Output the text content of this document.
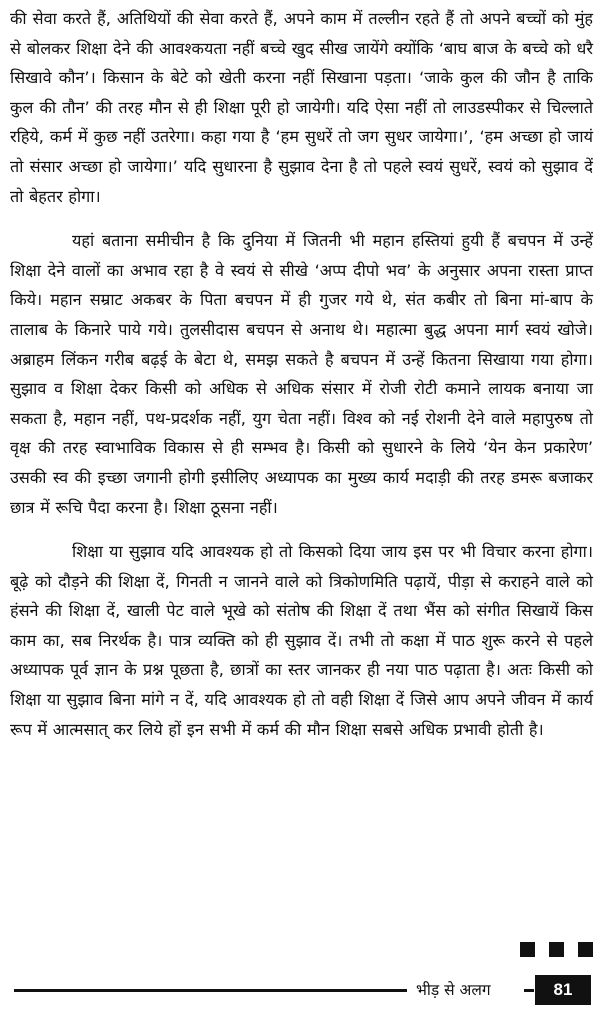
की सेवा करते हैं, अतिथियों की सेवा करते हैं, अपने काम में तल्लीन रहते हैं तो अपने बच्चों को मुंह से बोलकर शिक्षा देने की आवश्कयता नहीं बच्चे खुद सीख जायेंगे क्योंकि ‘बाघ बाज के बच्चे को धरै सिखावे कौन’। किसान के बेटे को खेती करना नहीं सिखाना पड़ता। ‘जाके कुल की जौन है ताकि कुल की तौन’ की तरह मौन से ही शिक्षा पूरी हो जायेगी। यदि ऐसा नहीं तो लाउडस्पीकर से चिल्लाते रहिये, कर्म में कुछ नहीं उतरेगा। कहा गया है ‘हम सुधरें तो जग सुधर जायेगा।’, ‘हम अच्छा हो जायं तो संसार अच्छा हो जायेगा।’ यदि सुधारना है सुझाव देना है तो पहले स्वयं सुधरें, स्वयं को सुझाव दें तो बेहतर होगा।

यहां बताना समीचीन है कि दुनिया में जितनी भी महान हस्तियां हुयी हैं बचपन में उन्हें शिक्षा देने वालों का अभाव रहा है वे स्वयं से सीखे ‘अप्प दीपो भव’ के अनुसार अपना रास्ता प्राप्त किये। महान सम्राट अकबर के पिता बचपन में ही गुजर गये थे, संत कबीर तो बिना मां-बाप के तालाब के किनारे पाये गये। तुलसीदास बचपन से अनाथ थे। महात्मा बुद्ध अपना मार्ग स्वयं खोजे। अब्राहम लिंकन गरीब बढ़ई के बेटा थे, समझ सकते है बचपन में उन्हें कितना सिखाया गया होगा। सुझाव व शिक्षा देकर किसी को अधिक से अधिक संसार में रोजी रोटी कमाने लायक बनाया जा सकता है, महान नहीं, पथ-प्रदर्शक नहीं, युग चेता नहीं। विश्व को नई रोशनी देने वाले महापुरुष तो वृक्ष की तरह स्वाभाविक विकास से ही सम्भव है। किसी को सुधारने के लिये ‘येन केन प्रकारेण’ उसकी स्व की इच्छा जगानी होगी इसीलिए अध्यापक का मुख्य कार्य मदाड़ी की तरह डमरू बजाकर छात्र में रूचि पैदा करना है। शिक्षा ठूसना नहीं।

शिक्षा या सुझाव यदि आवश्यक हो तो किसको दिया जाय इस पर भी विचार करना होगा। बूढ़े को दौड़ने की शिक्षा दें, गिनती न जानने वाले को त्रिकोणमिति पढ़ायें, पीड़ा से कराहने वाले को हंसने की शिक्षा दें, खाली पेट वाले भूखे को संतोष की शिक्षा दें तथा भैंस को संगीत सिखायें किस काम का, सब निरर्थक है। पात्र व्यक्ति को ही सुझाव दें। तभी तो कक्षा में पाठ शुरू करने से पहले अध्यापक पूर्व ज्ञान के प्रश्न पूछता है, छात्रों का स्तर जानकर ही नया पाठ पढ़ाता है। अतः किसी को शिक्षा या सुझाव बिना मांगे न दें, यदि आवश्यक हो तो वही शिक्षा दें जिसे आप अपने जीवन में कार्य रूप में आत्मसात् कर लिये हों इन सभी में कर्म की मौन शिक्षा सबसे अधिक प्रभावी होती है।

भीड़ से अलग	81
